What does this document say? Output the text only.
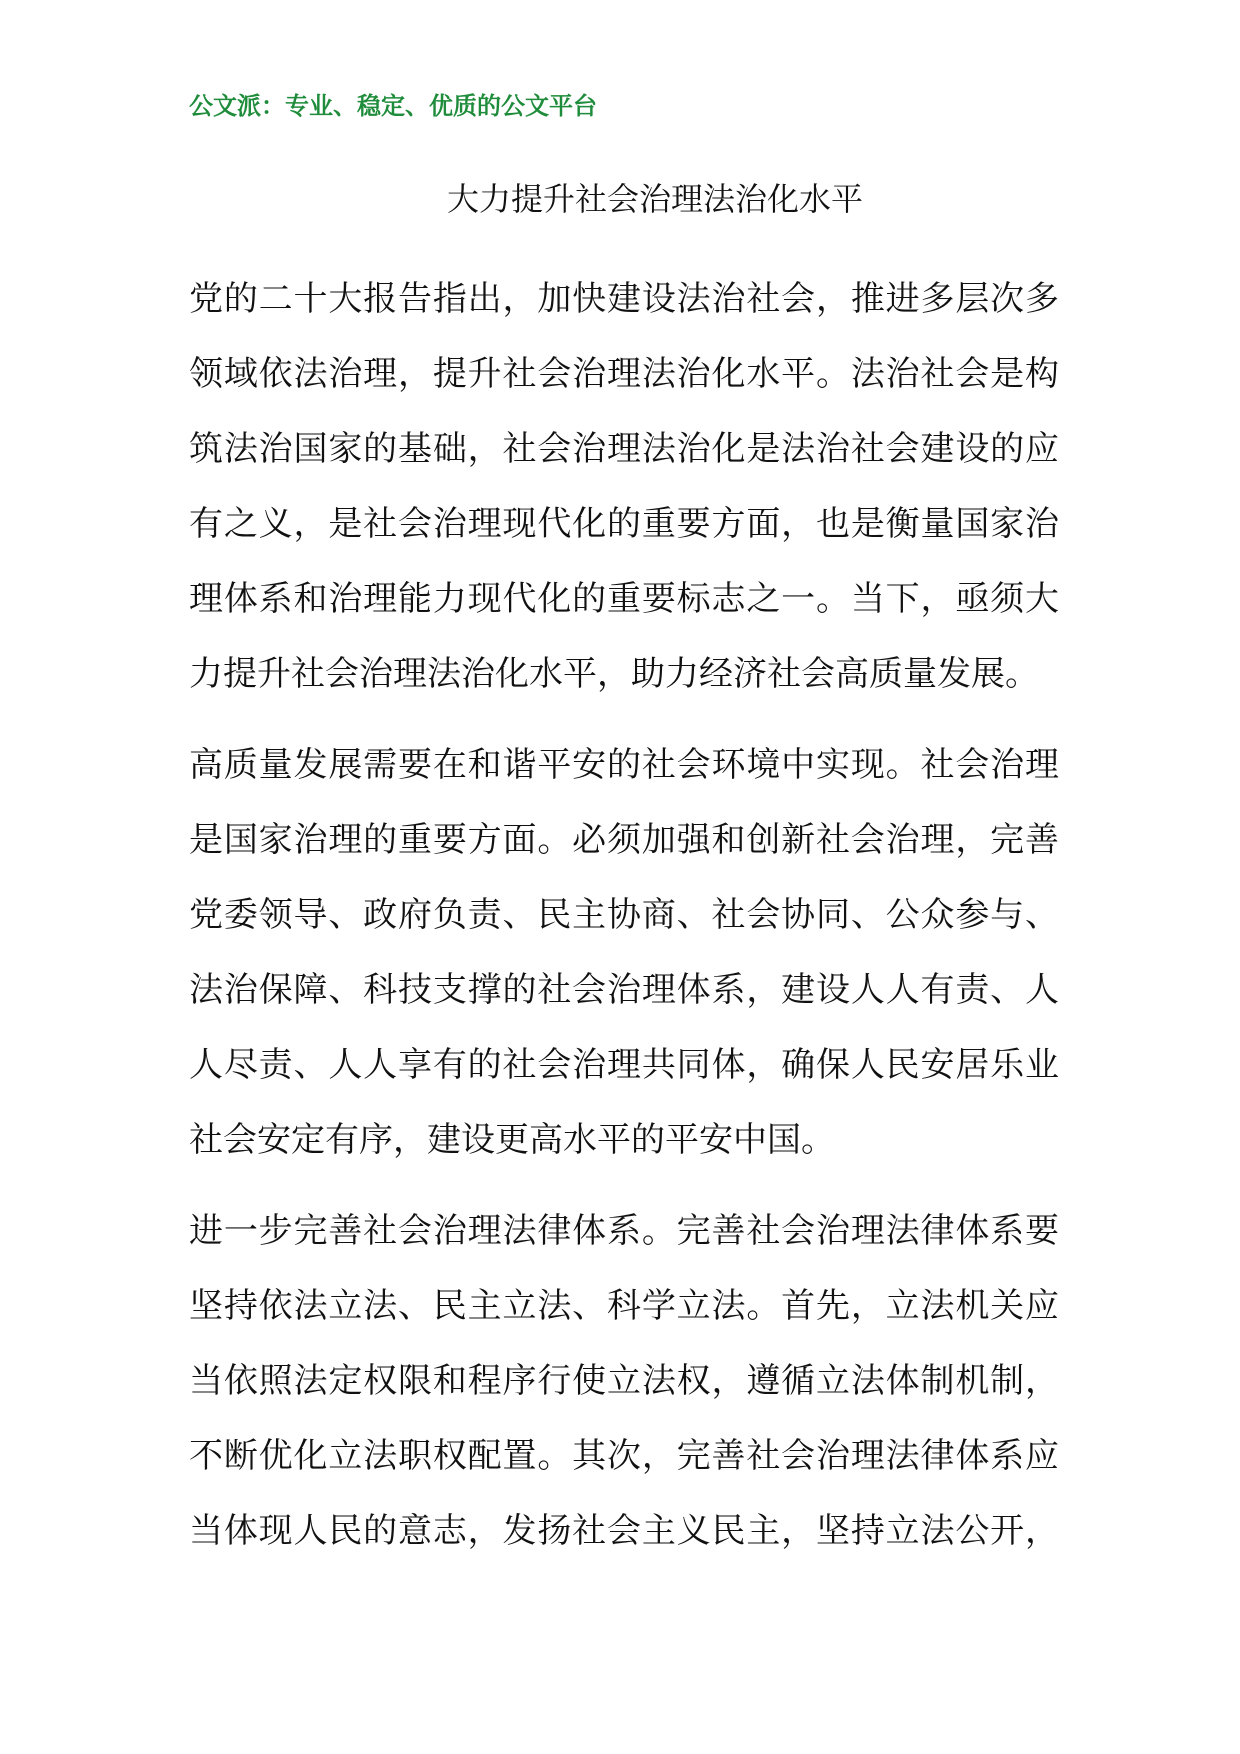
公文派：专业、稳定、优质的公文平台
大力提升社会治理法治化水平
党的二十大报告指出，加快建设法治社会，推进多层次多
领域依法治理，提升社会治理法治化水平。法治社会是构
筑法治国家的基础，社会治理法治化是法治社会建设的应
有之义，是社会治理现代化的重要方面，也是衡量国家治
理体系和治理能力现代化的重要标志之一。当下，亟须大
力提升社会治理法治化水平，助力经济社会高质量发展。
高质量发展需要在和谐平安的社会环境中实现。社会治理
是国家治理的重要方面。必须加强和创新社会治理，完善
党委领导、政府负责、民主协商、社会协同、公众参与、
法治保障、科技支撑的社会治理体系，建设人人有责、人
人尽责、人人享有的社会治理共同体，确保人民安居乐业
社会安定有序，建设更高水平的平安中国。
进一步完善社会治理法律体系。完善社会治理法律体系要
坚持依法立法、民主立法、科学立法。首先，立法机关应
当依照法定权限和程序行使立法权，遵循立法体制机制，
不断优化立法职权配置。其次，完善社会治理法律体系应
当体现人民的意志，发扬社会主义民主，坚持立法公开，
